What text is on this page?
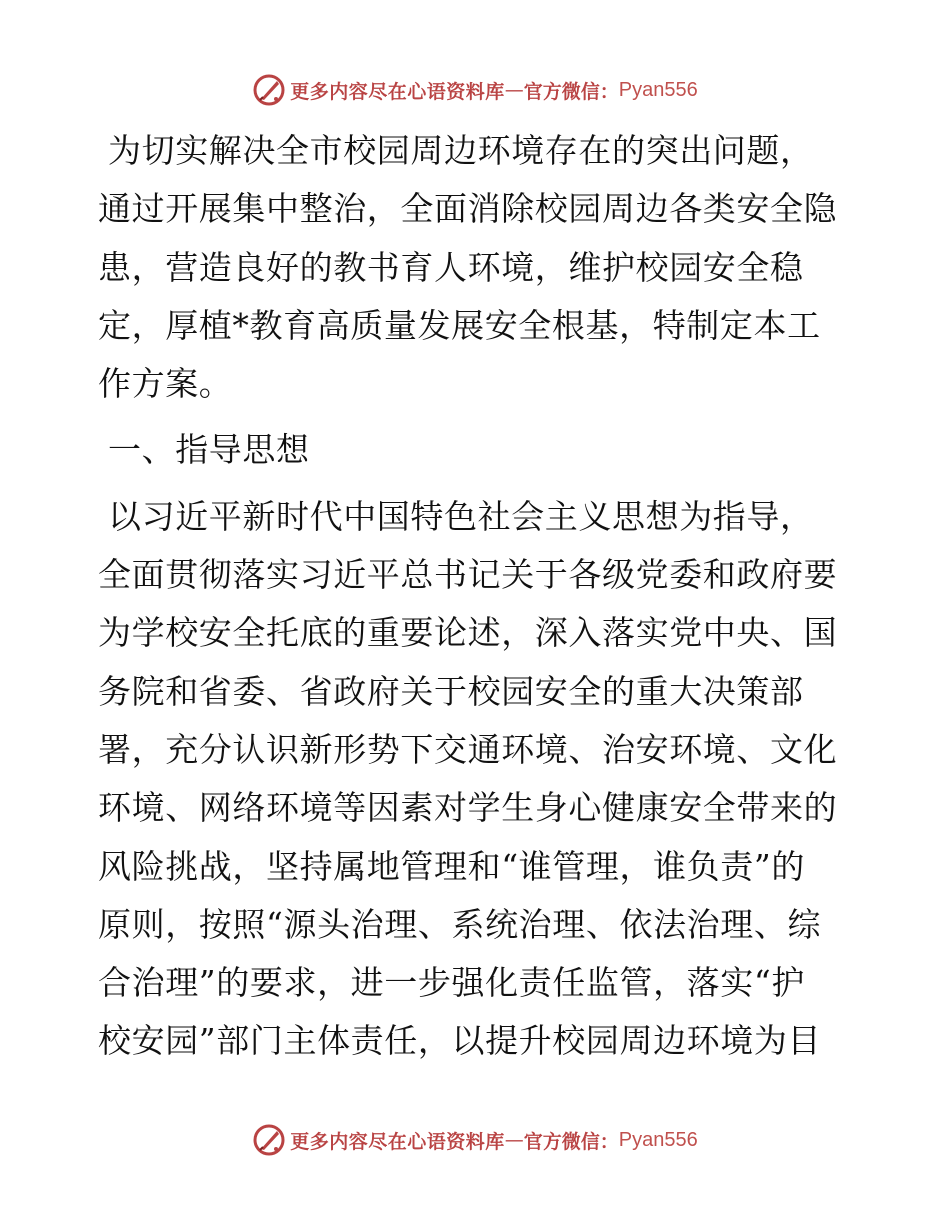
更多内容尽在心语资料库 — 官方微信： Pyan556
为切实解决全市校园周边环境存在的突出问题，
通过开展集中整治，全面消除校园周边各类安全隐
患，营造良好的教书育人环境，维护校园安全稳
定，厚植*教育高质量发展安全根基，特制定本工
作方案。
一、指导思想
以习近平新时代中国特色社会主义思想为指导，
全面贯彻落实习近平总书记关于各级党委和政府要
为学校安全托底的重要论述，深入落实党中央、国
务院和省委、省政府关于校园安全的重大决策部
署，充分认识新形势下交通环境、治安环境、文化
环境、网络环境等因素对学生身心健康安全带来的
风险挑战，坚持属地管理和“谁管理，谁负责”的
原则，按照“源头治理、系统治理、依法治理、综
合治理”的要求，进一步强化责任监管，落实“护
校安园”部门主体责任，以提升校园周边环境为目
更多内容尽在心语资料库 — 官方微信： Pyan556
